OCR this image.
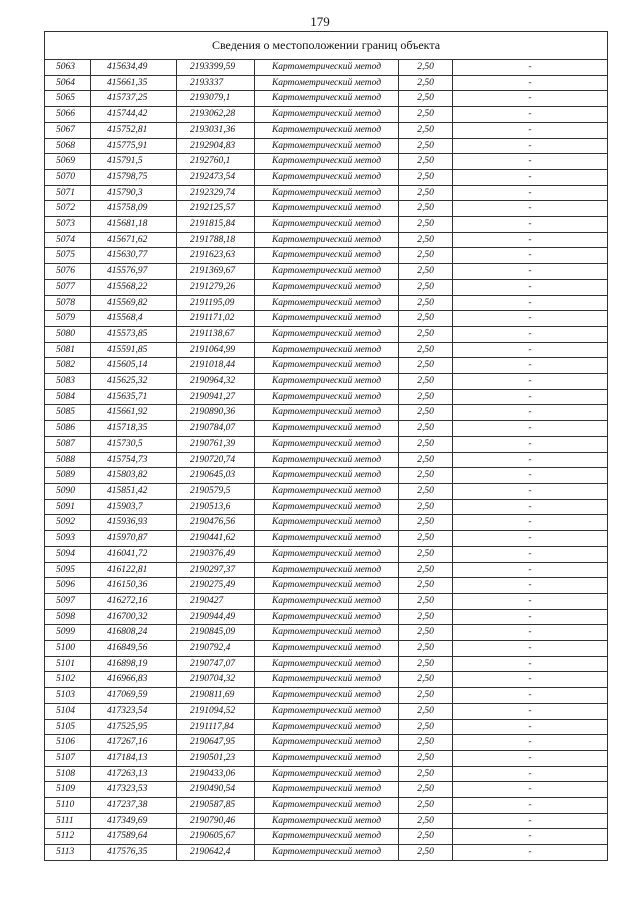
179
Сведения о местоположении границ объекта					
5063	415634,49	2193399,59	Картометрический метод	2,50	-
5064	415661,35	2193337	Картометрический метод	2,50	-
5065	415737,25	2193079,1	Картометрический метод	2,50	-
5066	415744,42	2193062,28	Картометрический метод	2,50	-
5067	415752,81	2193031,36	Картометрический метод	2,50	-
5068	415775,91	2192904,83	Картометрический метод	2,50	-
5069	415791,5	2192760,1	Картометрический метод	2,50	-
5070	415798,75	2192473,54	Картометрический метод	2,50	-
5071	415790,3	2192329,74	Картометрический метод	2,50	-
5072	415758,09	2192125,57	Картометрический метод	2,50	-
5073	415681,18	2191815,84	Картометрический метод	2,50	-
5074	415671,62	2191788,18	Картометрический метод	2,50	-
5075	415630,77	2191623,63	Картометрический метод	2,50	-
5076	415576,97	2191369,67	Картометрический метод	2,50	-
5077	415568,22	2191279,26	Картометрический метод	2,50	-
5078	415569,82	2191195,09	Картометрический метод	2,50	-
5079	415568,4	2191171,02	Картометрический метод	2,50	-
5080	415573,85	2191138,67	Картометрический метод	2,50	-
5081	415591,85	2191064,99	Картометрический метод	2,50	-
5082	415605,14	2191018,44	Картометрический метод	2,50	-
5083	415625,32	2190964,32	Картометрический метод	2,50	-
5084	415635,71	2190941,27	Картометрический метод	2,50	-
5085	415661,92	2190890,36	Картометрический метод	2,50	-
5086	415718,35	2190784,07	Картометрический метод	2,50	-
5087	415730,5	2190761,39	Картометрический метод	2,50	-
5088	415754,73	2190720,74	Картометрический метод	2,50	-
5089	415803,82	2190645,03	Картометрический метод	2,50	-
5090	415851,42	2190579,5	Картометрический метод	2,50	-
5091	415903,7	2190513,6	Картометрический метод	2,50	-
5092	415936,93	2190476,56	Картометрический метод	2,50	-
5093	415970,87	2190441,62	Картометрический метод	2,50	-
5094	416041,72	2190376,49	Картометрический метод	2,50	-
5095	416122,81	2190297,37	Картометрический метод	2,50	-
5096	416150,36	2190275,49	Картометрический метод	2,50	-
5097	416272,16	2190427	Картометрический метод	2,50	-
5098	416700,32	2190944,49	Картометрический метод	2,50	-
5099	416808,24	2190845,09	Картометрический метод	2,50	-
5100	416849,56	2190792,4	Картометрический метод	2,50	-
5101	416898,19	2190747,07	Картометрический метод	2,50	-
5102	416966,83	2190704,32	Картометрический метод	2,50	-
5103	417069,59	2190811,69	Картометрический метод	2,50	-
5104	417323,54	2191094,52	Картометрический метод	2,50	-
5105	417525,95	2191117,84	Картометрический метод	2,50	-
5106	417267,16	2190647,95	Картометрический метод	2,50	-
5107	417184,13	2190501,23	Картометрический метод	2,50	-
5108	417263,13	2190433,06	Картометрический метод	2,50	-
5109	417323,53	2190490,54	Картометрический метод	2,50	-
5110	417237,38	2190587,85	Картометрический метод	2,50	-
5111	417349,69	2190790,46	Картометрический метод	2,50	-
5112	417589,64	2190605,67	Картометрический метод	2,50	-
5113	417576,35	2190642,4	Картометрический метод	2,50	-
